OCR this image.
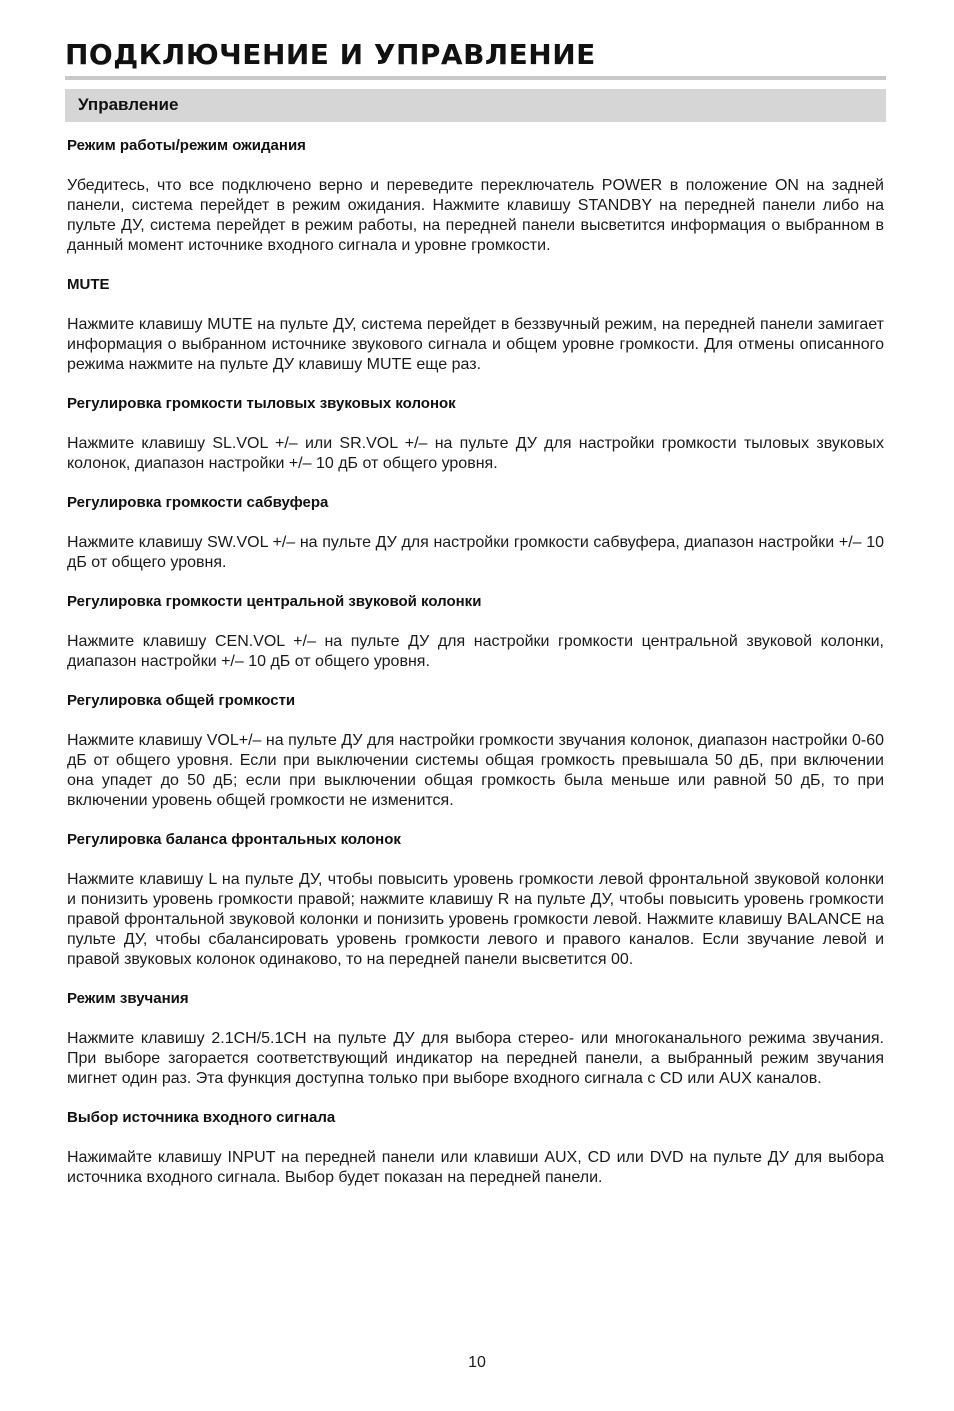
ПОДКЛЮЧЕНИЕ И УПРАВЛЕНИЕ
Управление
Режим работы/режим ожидания
Убедитесь, что все подключено верно и переведите переключатель POWER в положение ON на задней панели, система перейдет в режим ожидания. Нажмите клавишу STANDBY на передней панели либо на пульте ДУ, система перейдет в режим работы, на передней панели высветится информация о выбранном в данный момент источнике входного сигнала и уровне громкости.
MUTE
Нажмите клавишу MUTE на пульте ДУ, система перейдет в беззвучный режим, на передней панели замигает информация о выбранном источнике звукового сигнала и общем уровне громкости. Для отмены описанного режима нажмите на пульте ДУ клавишу MUTE еще раз.
Регулировка громкости тыловых звуковых колонок
Нажмите клавишу SL.VOL +/– или SR.VOL +/– на пульте ДУ для настройки громкости тыловых звуковых колонок, диапазон настройки +/– 10 дБ от общего уровня.
Регулировка громкости сабвуфера
Нажмите клавишу SW.VOL +/– на пульте ДУ для настройки громкости сабвуфера, диапазон настройки +/– 10 дБ от общего уровня.
Регулировка громкости центральной звуковой колонки
Нажмите клавишу CEN.VOL +/– на пульте ДУ для настройки громкости центральной звуковой колонки, диапазон настройки +/– 10 дБ от общего уровня.
Регулировка общей громкости
Нажмите клавишу VOL+/– на пульте ДУ для настройки громкости звучания колонок, диапазон настройки 0-60 дБ от общего уровня. Если при выключении системы общая громкость превышала 50 дБ, при включении она упадет до 50 дБ; если при выключении общая громкость была меньше или равной 50 дБ, то при включении уровень общей громкости не изменится.
Регулировка баланса фронтальных колонок
Нажмите клавишу L на пульте ДУ, чтобы повысить уровень громкости левой фронтальной звуковой колонки и понизить уровень громкости правой; нажмите клавишу R на пульте ДУ, чтобы повысить уровень громкости правой фронтальной звуковой колонки и понизить уровень громкости левой. Нажмите клавишу BALANCE на пульте ДУ, чтобы сбалансировать уровень громкости левого и правого каналов. Если звучание левой и правой звуковых колонок одинаково, то на передней панели высветится 00.
Режим звучания
Нажмите клавишу 2.1CH/5.1CH на пульте ДУ для выбора стерео- или многоканального режима звучания. При выборе загорается соответствующий индикатор на передней панели, а выбранный режим звучания мигнет один раз. Эта функция доступна только при выборе входного сигнала с CD или AUX каналов.
Выбор источника входного сигнала
Нажимайте клавишу INPUT на передней панели или клавиши AUX, CD или DVD на пульте ДУ для выбора источника входного сигнала. Выбор будет показан на передней панели.
10
